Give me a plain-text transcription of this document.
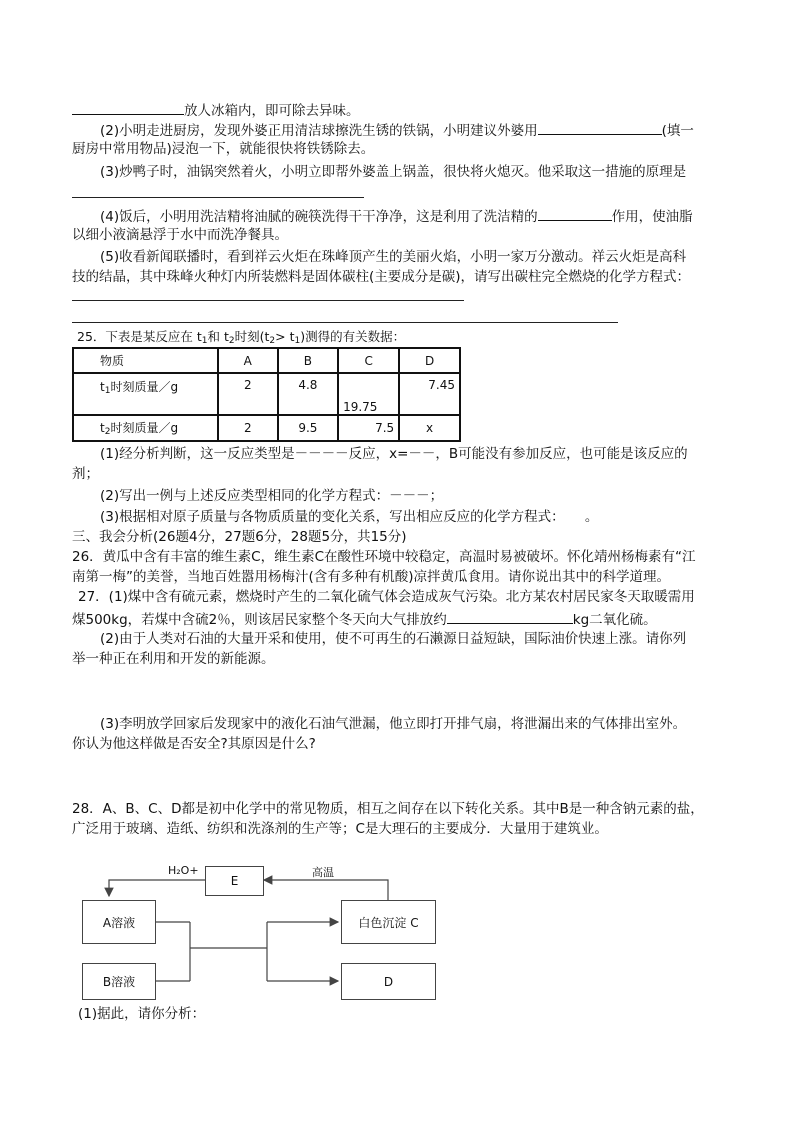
放人冰箱内，即可除去异味。
(2)小明走进厨房，发现外婆正用清洁球擦洗生锈的铁锅，小明建议外婆用	(填一
厨房中常用物品)浸泡一下，就能很快将铁锈除去。
(3)炒鸭子时，油锅突然着火，小明立即帮外婆盖上锅盖，很快将火熄灭。他采取这一措施的原理是
(4)饭后，小明用洗洁精将油腻的碗筷洗得干干净净，这是利用了洗洁精的	作用，使油脂
以细小液滴悬浮于水中而洗净餐具。
(5)收看新闻联播时，看到祥云火炬在珠峰顶产生的美丽火焰，小明一家万分激动。祥云火炬是高科
技的结晶，其中珠峰火种灯内所装燃料是固体碳柱(主要成分是碳)，请写出碳柱完全燃烧的化学方程式：
25．下表是某反应在 $t_1$和 $t_2$时刻$(t_2> t_1)$测得的有关数据：
物质	A	B	C	D
$t_1$时刻质量／g	2	4.8	19.75	7.45
$t_2$时刻质量／g	2	9.5	7.5	x
(1)经分析判断，这一反应类型是－－－－反应，x=－－，B可能没有参加反应，也可能是该反应的
剂；
(2)写出一例与上述反应类型相同的化学方程式：－－－；
(3)根据相对原子质量与各物质质量的变化关系，写出相应反应的化学方程式：　　。
三、我会分析(26题4分，27题6分，28题5分，共15分)
26．黄瓜中含有丰富的维生素C，维生素C在酸性环境中较稳定，高温时易被破坏。怀化靖州杨梅素有“江
南第一梅”的美誉，当地百姓嚣用杨梅汁(含有多种有机酸)凉拌黄瓜食用。请你说出其中的科学道理。
27．(1)煤中含有硫元素，燃烧时产生的二氧化硫气体会造成灰气污染。北方某农村居民家冬天取暖需用
煤500kg，若煤中含硫2％，则该居民家整个冬天向大气排放约	kg二氧化硫。
(2)由于人类对石油的大量开采和使用，使不可再生的石濑源日益短缺，国际油价快速上涨。请你列
举一种正在利用和开发的新能源。
(3)李明放学回家后发现家中的液化石油气泄漏，他立即打开排气扇，将泄漏出来的气体排出室外。
你认为他这样做是否安全?其原因是什么?
28．A、B、C、D都是初中化学中的常见物质，相互之间存在以下转化关系。其中B是一种含钠元素的盐，
广泛用于玻璃、造纸、纺织和洗涤剂的生产等；C是大理石的主要成分．大量用于建筑业。
E
A溶液
B溶液
白色沉淀 C
D
H₂O+	高温
(1)据此，请你分析：
